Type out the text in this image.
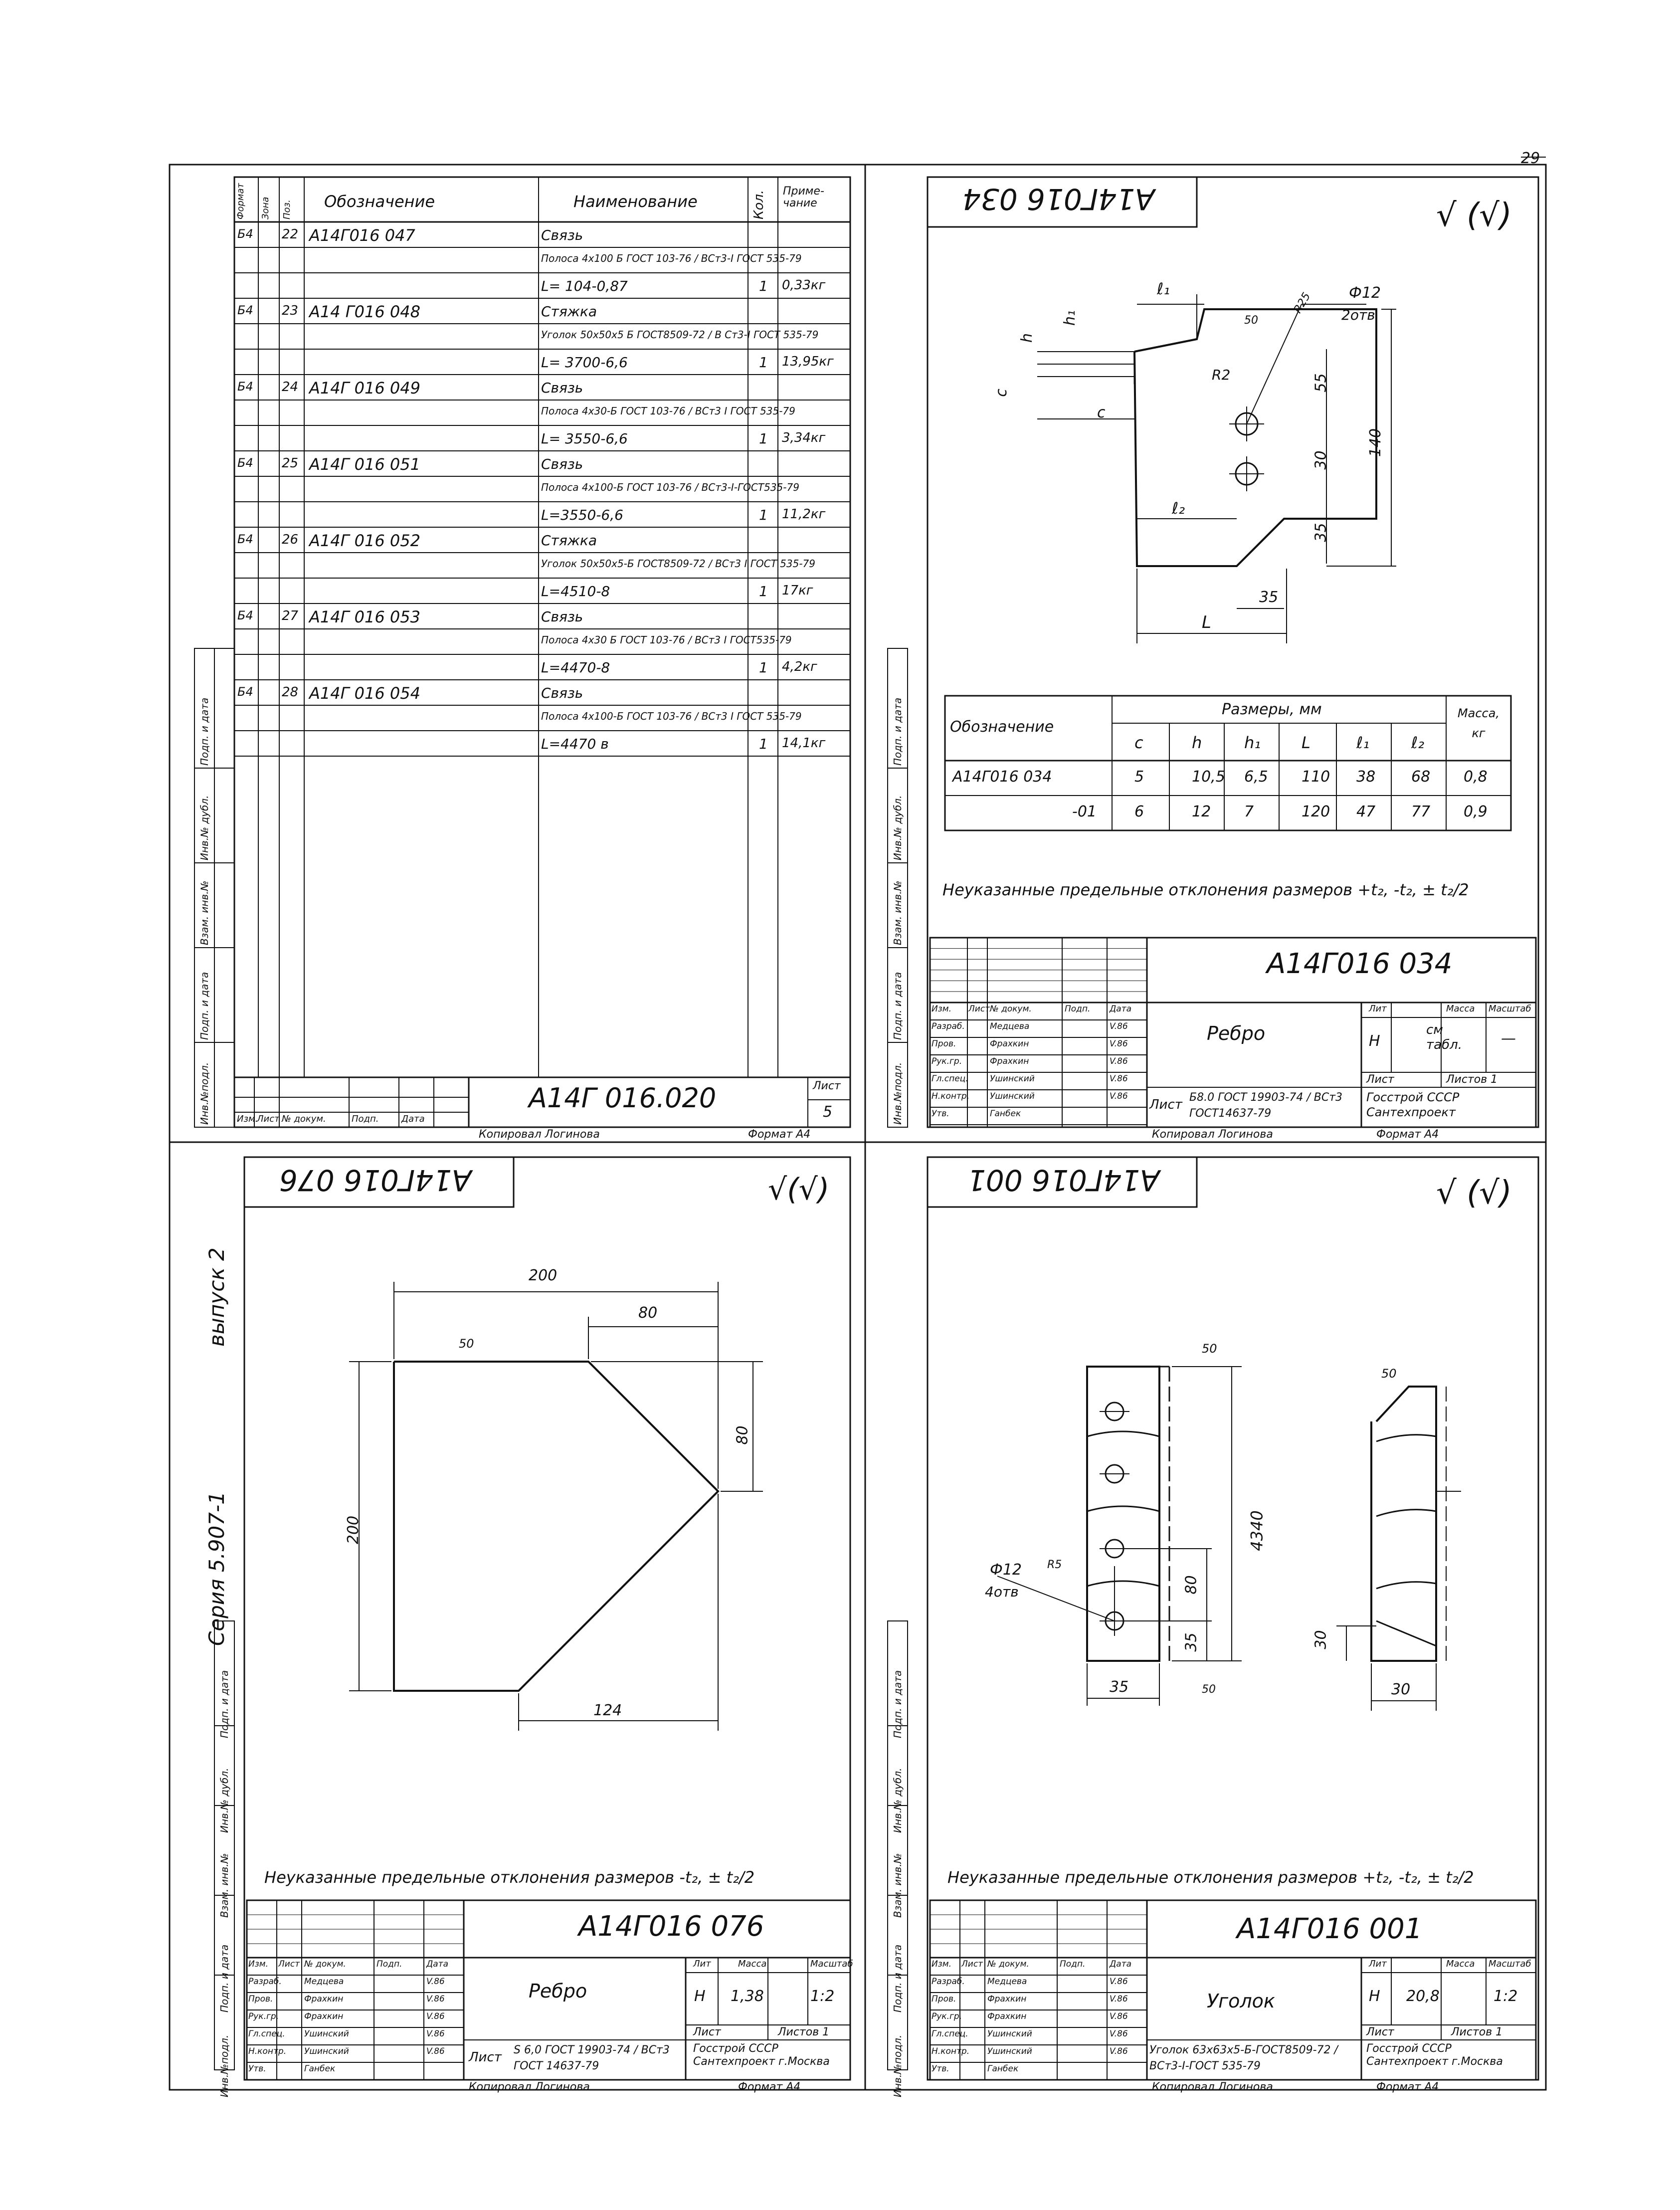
29
Формат Зона Поз. Обозначение	Наименование	Кол. Приме-чание
Б4 22 А14Г016 047	Связь
Полоса 4х100 Б ГОСТ 103-76 / ВСт3-I ГОСТ 535-79
L= 104-0,87	1 0,33кг
Б4 23 А14 Г016 048	Стяжка
Уголок 50х50х5 Б ГОСТ8509-72 / В Ст3-I ГОСТ 535-79
L= 3700-6,6	1 13,95кг
Б4 24 А14Г 016 049	Связь
Полоса 4х30-Б ГОСТ 103-76 / ВСт3 I ГОСТ 535-79
L= 3550-6,6	1 3,34кг
Б4 25 А14Г 016 051	Связь
Полоса 4х100-Б ГОСТ 103-76 / ВСт3-I-ГОСТ535-79
L=3550-6,6	1 11,2кг
Б4 26 А14Г 016 052	Стяжка
Уголок 50х50х5-Б ГОСТ8509-72 / ВСт3 I ГОСТ 535-79
L=4510-8	1 17кг
Б4 27 А14Г 016 053	Связь
Полоса 4х30 Б ГОСТ 103-76 / ВСт3 I ГОСТ535-79
L=4470-8	1 4,2кг
Б4 28 А14Г 016 054	Связь
Полоса 4х100-Б ГОСТ 103-76 / ВСт3 I ГОСТ 535-79
L=4470 в	1 14,1кг
А14Г 016.020	Лист
5
Изм.
Лист № докум.	Подп.	Дата
Копировал Логинова	Формат А4
Инв.№подл.
Подп. и дата
Взам. инв.№
Инв.№ дубл.
Подп. и дата
Инв.№подл.
Подп. и дата
Взам. инв.№
Инв.№ дубл.
Подп. и дата
Инв.№подл.
Подп. и дата
Взам. инв.№
Инв.№ дубл.
Подп. и дата
Инв.№подл.
Подп. и дата
Взам. инв.№
Инв.№ дубл.
Подп. и дата
Серия 5.907-1
выпуск 2
А14Г016 034	√ (√)
ℓ₁
50
R25 Ф12
2отв
h
h₁
c
c
R2	55
30
140
ℓ₂
35
35
L
Обозначение
Размеры, мм	Масса, кг
c	h	h₁	L	ℓ₁	ℓ₂
А14Г016 034	5	10,5 6,5 110 38 68 0,8
-01	6	12 7	120 47 77 0,9
Неуказанные предельные отклонения размеров +t₂, -t₂, ± t₂/2
А14Г016 034
Ребро
Лит	Масса Масштаб
Н
см табл.	—
Лист	Листов 1
Лист Б8.0 ГОСТ 19903-74 / ВСт3 ГОСТ14637-79
Госстрой СССР Сантехпроект
Изм. Лист № докум.	Подп. Дата
Разраб.	Медцева	V.86
Пров.	Фрахкин	V.86
Рук.гр.	Фрахкин	V.86
Гл.спец.	Ушинский	V.86
Н.контр. Ушинский	V.86
Утв.	Ганбек
Копировал Логинова	Формат А4
А14Г016 076	√(√)
200
80
80
200
124
50
Неуказанные предельные отклонения размеров -t₂, ± t₂/2
А14Г016 076
Ребро
Лит	Масса	Масштаб
Н 1,38	1:2
Лист	Листов 1
Лист S 6,0 ГОСТ 19903-74 / ВСт3 ГОСТ 14637-79
Госстрой СССР Сантехпроект г.Москва
Изм. Лист № докум.	Подп.	Дата
Разраб.	Медцева	V.86
Пров.	Фрахкин	V.86
Рук.гр.	Фрахкин	V.86
Гл.спец. Ушинский	V.86
Н.контр. Ушинский	V.86
Утв.	Ганбек
Копировал Логинова	Формат А4
А14Г016 001	√ (√)
50
4340
80
35
35	50
Ф12
4отв
R5
30
30
50
Неуказанные предельные отклонения размеров +t₂, -t₂, ± t₂/2
А14Г016 001
Уголок
Лит	Масса Масштаб
Н 20,8	1:2
Лист	Листов 1
Уголок 63х63х5-Б-ГОСТ8509-72 / ВСт3-I-ГОСТ 535-79
Госстрой СССР Сантехпроект г.Москва
Изм. Лист № докум.	Подп.	Дата
Разраб.	Медцева	V.86
Пров.	Фрахкин	V.86
Рук.гр.	Фрахкин	V.86
Гл.спец. Ушинский	V.86
Н.контр. Ушинский	V.86
Утв.	Ганбек
Копировал Логинова	Формат А4
